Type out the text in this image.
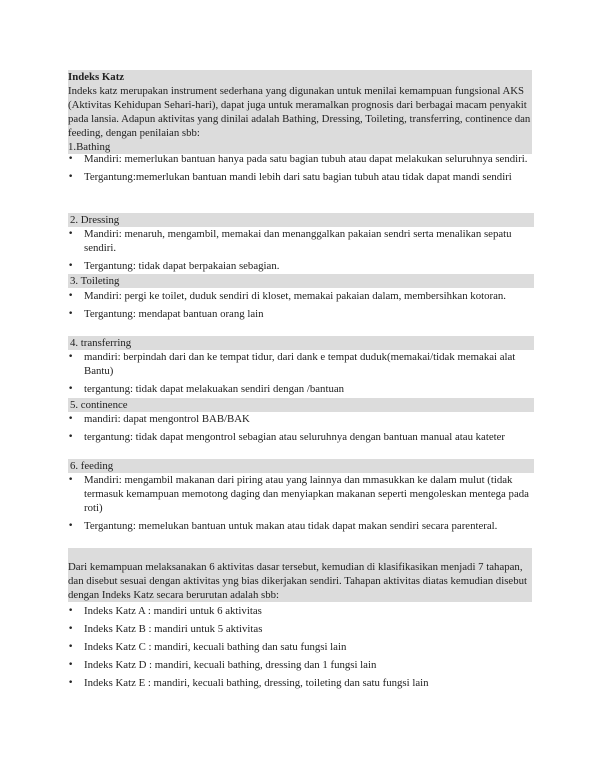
Indeks Katz

Indeks katz merupakan instrument sederhana yang digunakan untuk menilai kemampuan fungsional AKS (Aktivitas Kehidupan Sehari-hari), dapat juga untuk meramalkan prognosis dari berbagai macam penyakit pada lansia. Adapun aktivitas yang dinilai adalah Bathing, Dressing, Toileting, transferring, continence dan feeding, dengan penilaian sbb:

1.Bathing
• Mandiri: memerlukan bantuan hanya pada satu bagian tubuh atau dapat melakukan seluruhnya sendiri.
• Tergantung:memerlukan bantuan mandi lebih dari satu bagian tubuh atau tidak dapat mandi sendiri
2. Dressing
• Mandiri: menaruh, mengambil, memakai dan menanggalkan pakaian sendri serta menalikan sepatu sendiri.
• Tergantung: tidak dapat berpakaian sebagian.
3. Toileting
• Mandiri: pergi ke toilet, duduk sendiri di kloset, memakai pakaian dalam, membersihkan kotoran.
• Tergantung: mendapat bantuan orang lain
4. transferring
• mandiri: berpindah dari dan ke tempat tidur, dari dank e tempat duduk(memakai/tidak memakai alat Bantu)
• tergantung: tidak dapat melakuakan sendiri dengan /bantuan
5. continence
• mandiri: dapat mengontrol BAB/BAK
• tergantung: tidak dapat mengontrol sebagian atau seluruhnya dengan bantuan manual atau kateter
6. feeding
• Mandiri: mengambil makanan dari piring atau yang lainnya dan mmasukkan ke dalam mulut (tidak termasuk kemampuan memotong daging dan menyiapkan makanan seperti mengoleskan mentega pada roti)
• Tergantung: memelukan bantuan untuk makan atau tidak dapat makan sendiri secara parenteral.

Dari kemampuan melaksanakan 6 aktivitas dasar tersebut, kemudian di klasifikasikan menjadi 7 tahapan, dan disebut sesuai dengan aktivitas yng bias dikerjakan sendiri. Tahapan aktivitas diatas kemudian disebut dengan Indeks Katz secara berurutan adalah sbb:

• Indeks Katz A : mandiri untuk 6 aktivitas
• Indeks Katz B : mandiri untuk 5 aktivitas
• Indeks Katz C : mandiri, kecuali bathing dan satu fungsi lain
• Indeks Katz D : mandiri, kecuali bathing, dressing dan 1 fungsi lain
• Indeks Katz E : mandiri, kecuali bathing, dressing, toileting dan satu fungsi lain
